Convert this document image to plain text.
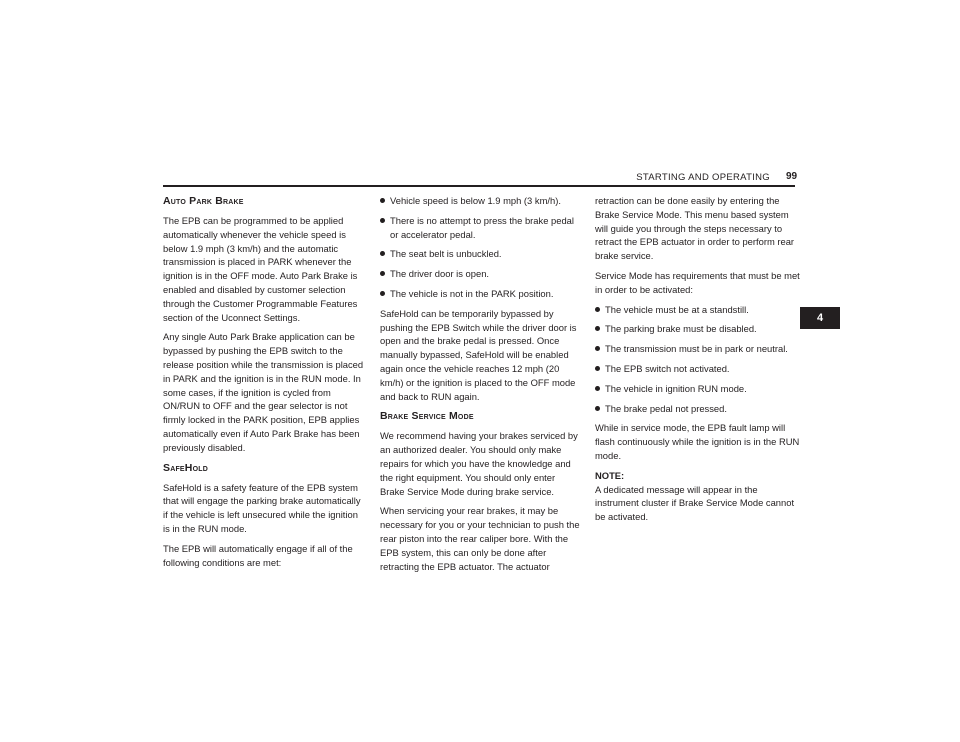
STARTING AND OPERATING 99
4
Auto Park Brake

The EPB can be programmed to be applied automatically whenever the vehicle speed is below 1.9 mph (3 km/h) and the automatic transmission is placed in PARK whenever the ignition is in the OFF mode. Auto Park Brake is enabled and disabled by customer selection through the Customer Programmable Features section of the Uconnect Settings.

Any single Auto Park Brake application can be bypassed by pushing the EPB switch to the release position while the transmission is placed in PARK and the ignition is in the RUN mode. In some cases, if the ignition is cycled from ON/RUN to OFF and the gear selector is not firmly locked in the PARK position, EPB applies automatically even if Auto Park Brake has been previously disabled.

SafeHold

SafeHold is a safety feature of the EPB system that will engage the parking brake automatically if the vehicle is left unsecured while the ignition is in the RUN mode.

The EPB will automatically engage if all of the following conditions are met:

Vehicle speed is below 1.9 mph (3 km/h).
There is no attempt to press the brake pedal or accelerator pedal.
The seat belt is unbuckled.
The driver door is open.
The vehicle is not in the PARK position.

SafeHold can be temporarily bypassed by pushing the EPB Switch while the driver door is open and the brake pedal is pressed. Once manually bypassed, SafeHold will be enabled again once the vehicle reaches 12 mph (20 km/h) or the ignition is placed to the OFF mode and back to RUN again.

Brake Service Mode

We recommend having your brakes serviced by an authorized dealer. You should only make repairs for which you have the knowledge and the right equipment. You should only enter Brake Service Mode during brake service.

When servicing your rear brakes, it may be necessary for you or your technician to push the rear piston into the rear caliper bore. With the EPB system, this can only be done after retracting the EPB actuator. The actuator

retraction can be done easily by entering the Brake Service Mode. This menu based system will guide you through the steps necessary to retract the EPB actuator in order to perform rear brake service.

Service Mode has requirements that must be met in order to be activated:

The vehicle must be at a standstill.
The parking brake must be disabled.
The transmission must be in park or neutral.
The EPB switch not activated.
The vehicle in ignition RUN mode.
The brake pedal not pressed.

While in service mode, the EPB fault lamp will flash continuously while the ignition is in the RUN mode.

NOTE:

A dedicated message will appear in the instrument cluster if Brake Service Mode cannot be activated.
